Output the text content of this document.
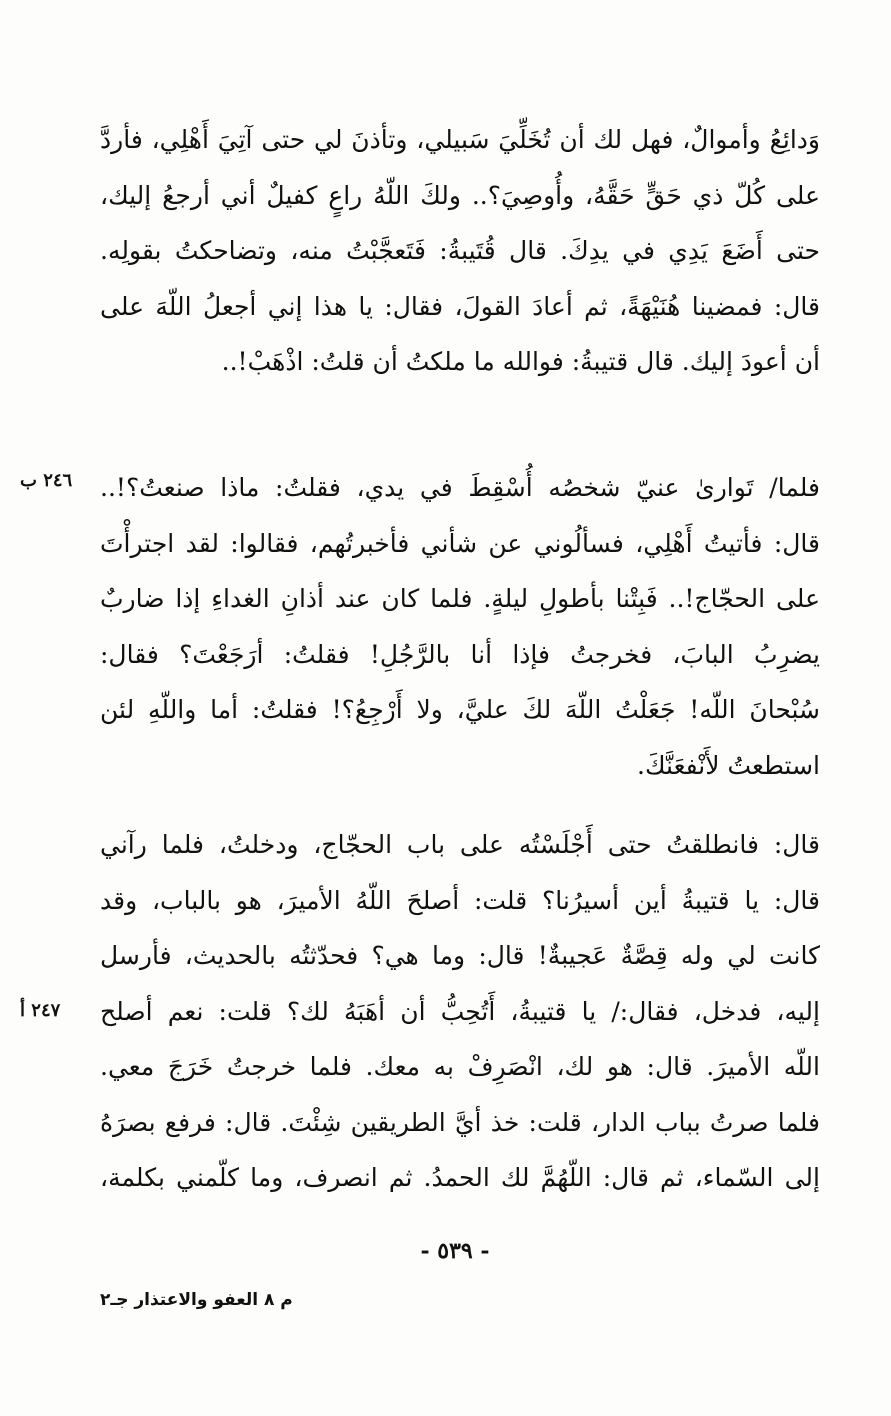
وَدائِعُ وأموالٌ، فهل لك أن تُخَلِّيَ سَبيلي، وتأذنَ لي حتى آتِيَ أَهْلِي، فأردَّ
على كُلّ ذي حَقٍّ حَقَّهُ، وأُوصِيَ؟.. ولكَ اللّهُ راعٍ كفيلٌ أني أرجعُ إليك،
حتى أَضَعَ يَدِي في يدِكَ. قال قُتَيبةُ: فَتَعجَّبْتُ منه، وتضاحكتُ بقولِه.
قال: فمضينا هُنَيْهَةً، ثم أعادَ القولَ، فقال: يا هذا إني أجعلُ اللّهَ على
أن أعودَ إليك. قال قتيبةُ: فوالله ما ملكتُ أن قلتُ: اذْهَبْ!..
٢٤٦ ب	فلما/ تَوارىٰ عنيّ شخصُه أُسْقِطَ في يدي، فقلتُ: ماذا صنعتُ؟!..
قال: فأتيتُ أَهْلِي، فسألُوني عن شأني فأخبرتُهم، فقالوا: لقد اجترأْتَ
على الحجّاج!.. فَبِتْنا بأطولِ ليلةٍ. فلما كان عند أذانِ الغداءِ إذا ضاربٌ
يضرِبُ البابَ، فخرجتُ فإذا أنا بالرَّجُلِ! فقلتُ: أرَجَعْتَ؟ فقال:
سُبْحانَ اللّه! جَعَلْتُ اللّهَ لكَ عليَّ، ولا أَرْجِعُ؟! فقلتُ: أما واللّهِ لئن
استطعتُ لأَنْفعَنَّكَ.
قال: فانطلقتُ حتى أَجْلَسْتُه على باب الحجّاج، ودخلتُ، فلما رآني
قال: يا قتيبةُ أين أسيرُنا؟ قلت: أصلحَ اللّهُ الأميرَ، هو بالباب، وقد
كانت لي وله قِصَّةٌ عَجيبةٌ! قال: وما هي؟ فحدّثتُه بالحديث، فأرسل
إليه، فدخل، فقال:/ يا قتيبةُ، أَتُحِبُّ أن أهَبَهُ لك؟ قلت: نعم أصلح
اللّه الأميرَ. قال: هو لك، انْصَرِفْ به معك. فلما خرجتُ خَرَجَ معي.
فلما صرتُ بباب الدار، قلت: خذ أيَّ الطريقين شِئْتَ. قال: فرفع بصرَهُ
إلى السّماء، ثم قال: اللّهُمَّ لك الحمدُ. ثم انصرف، وما كلّمني بكلمة،
٢٤٧ أ
- ٥٣٩ -
م ٨ العفو والاعتذار جـ٢
